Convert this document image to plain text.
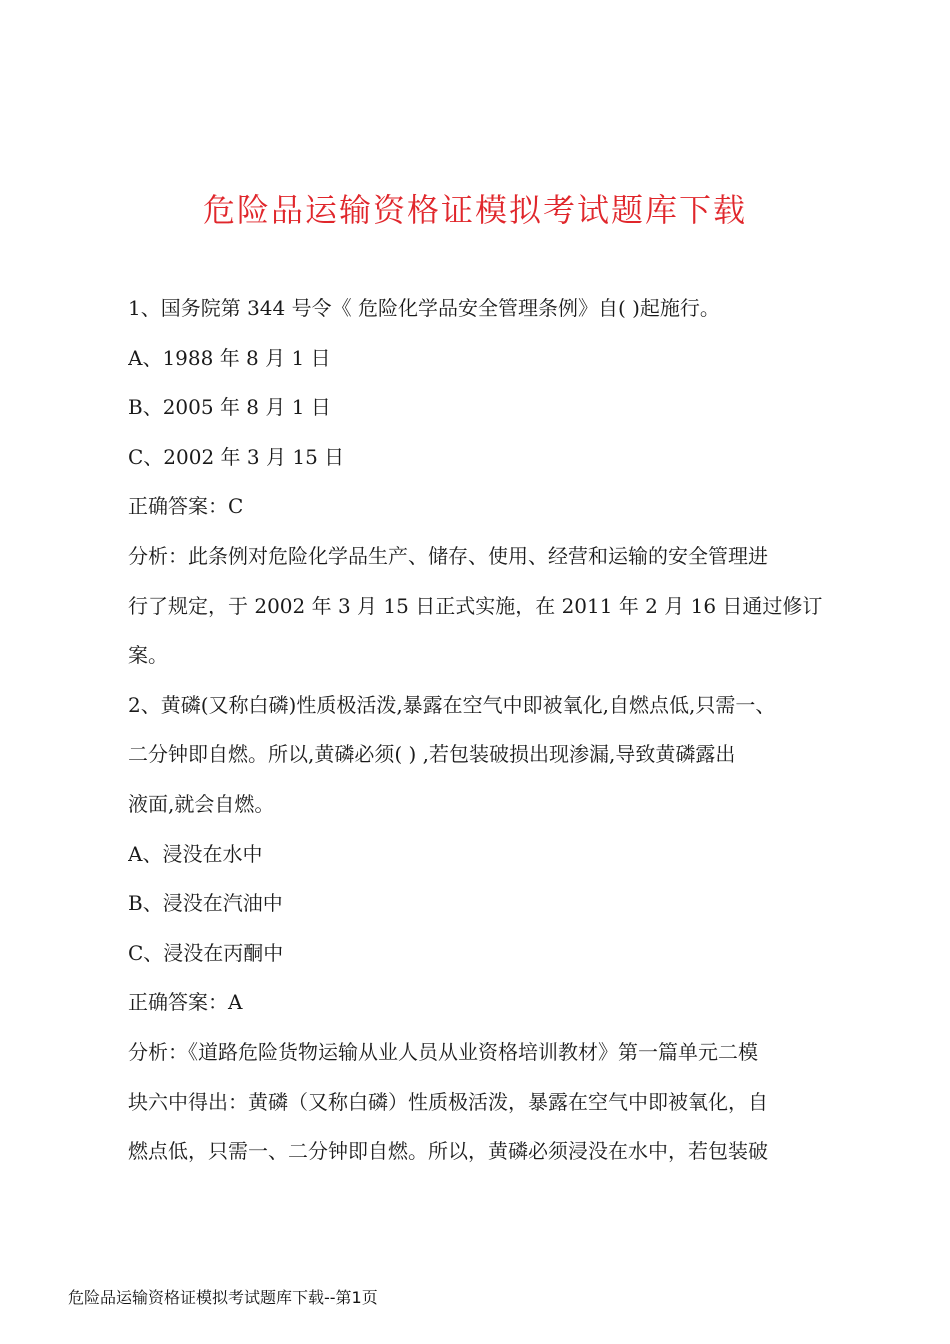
危险品运输资格证模拟考试题库下载
1、国务院第 344 号令《 危险化学品安全管理条例》自( )起施行。
A、1988 年 8 月 1 日
B、2005 年 8 月 1 日
C、2002 年 3 月 15 日
正确答案：C
分析：此条例对危险化学品生产、储存、使用、经营和运输的安全管理进
行了规定，于 2002 年 3 月 15 日正式实施，在 2011 年 2 月 16 日通过修订
案。
2、黄磷(又称白磷)性质极活泼,暴露在空气中即被氧化,自燃点低,只需一、
二分钟即自燃。所以,黄磷必须( ) ,若包装破损出现渗漏,导致黄磷露出
液面,就会自燃。
A、浸没在水中
B、浸没在汽油中
C、浸没在丙酮中
正确答案：A
分析：《道路危险货物运输从业人员从业资格培训教材》第一篇单元二模
块六中得出：黄磷（又称白磷）性质极活泼，暴露在空气中即被氧化，自
燃点低，只需一、二分钟即自燃。所以，黄磷必须浸没在水中，若包装破
危险品运输资格证模拟考试题库下载--第1页
